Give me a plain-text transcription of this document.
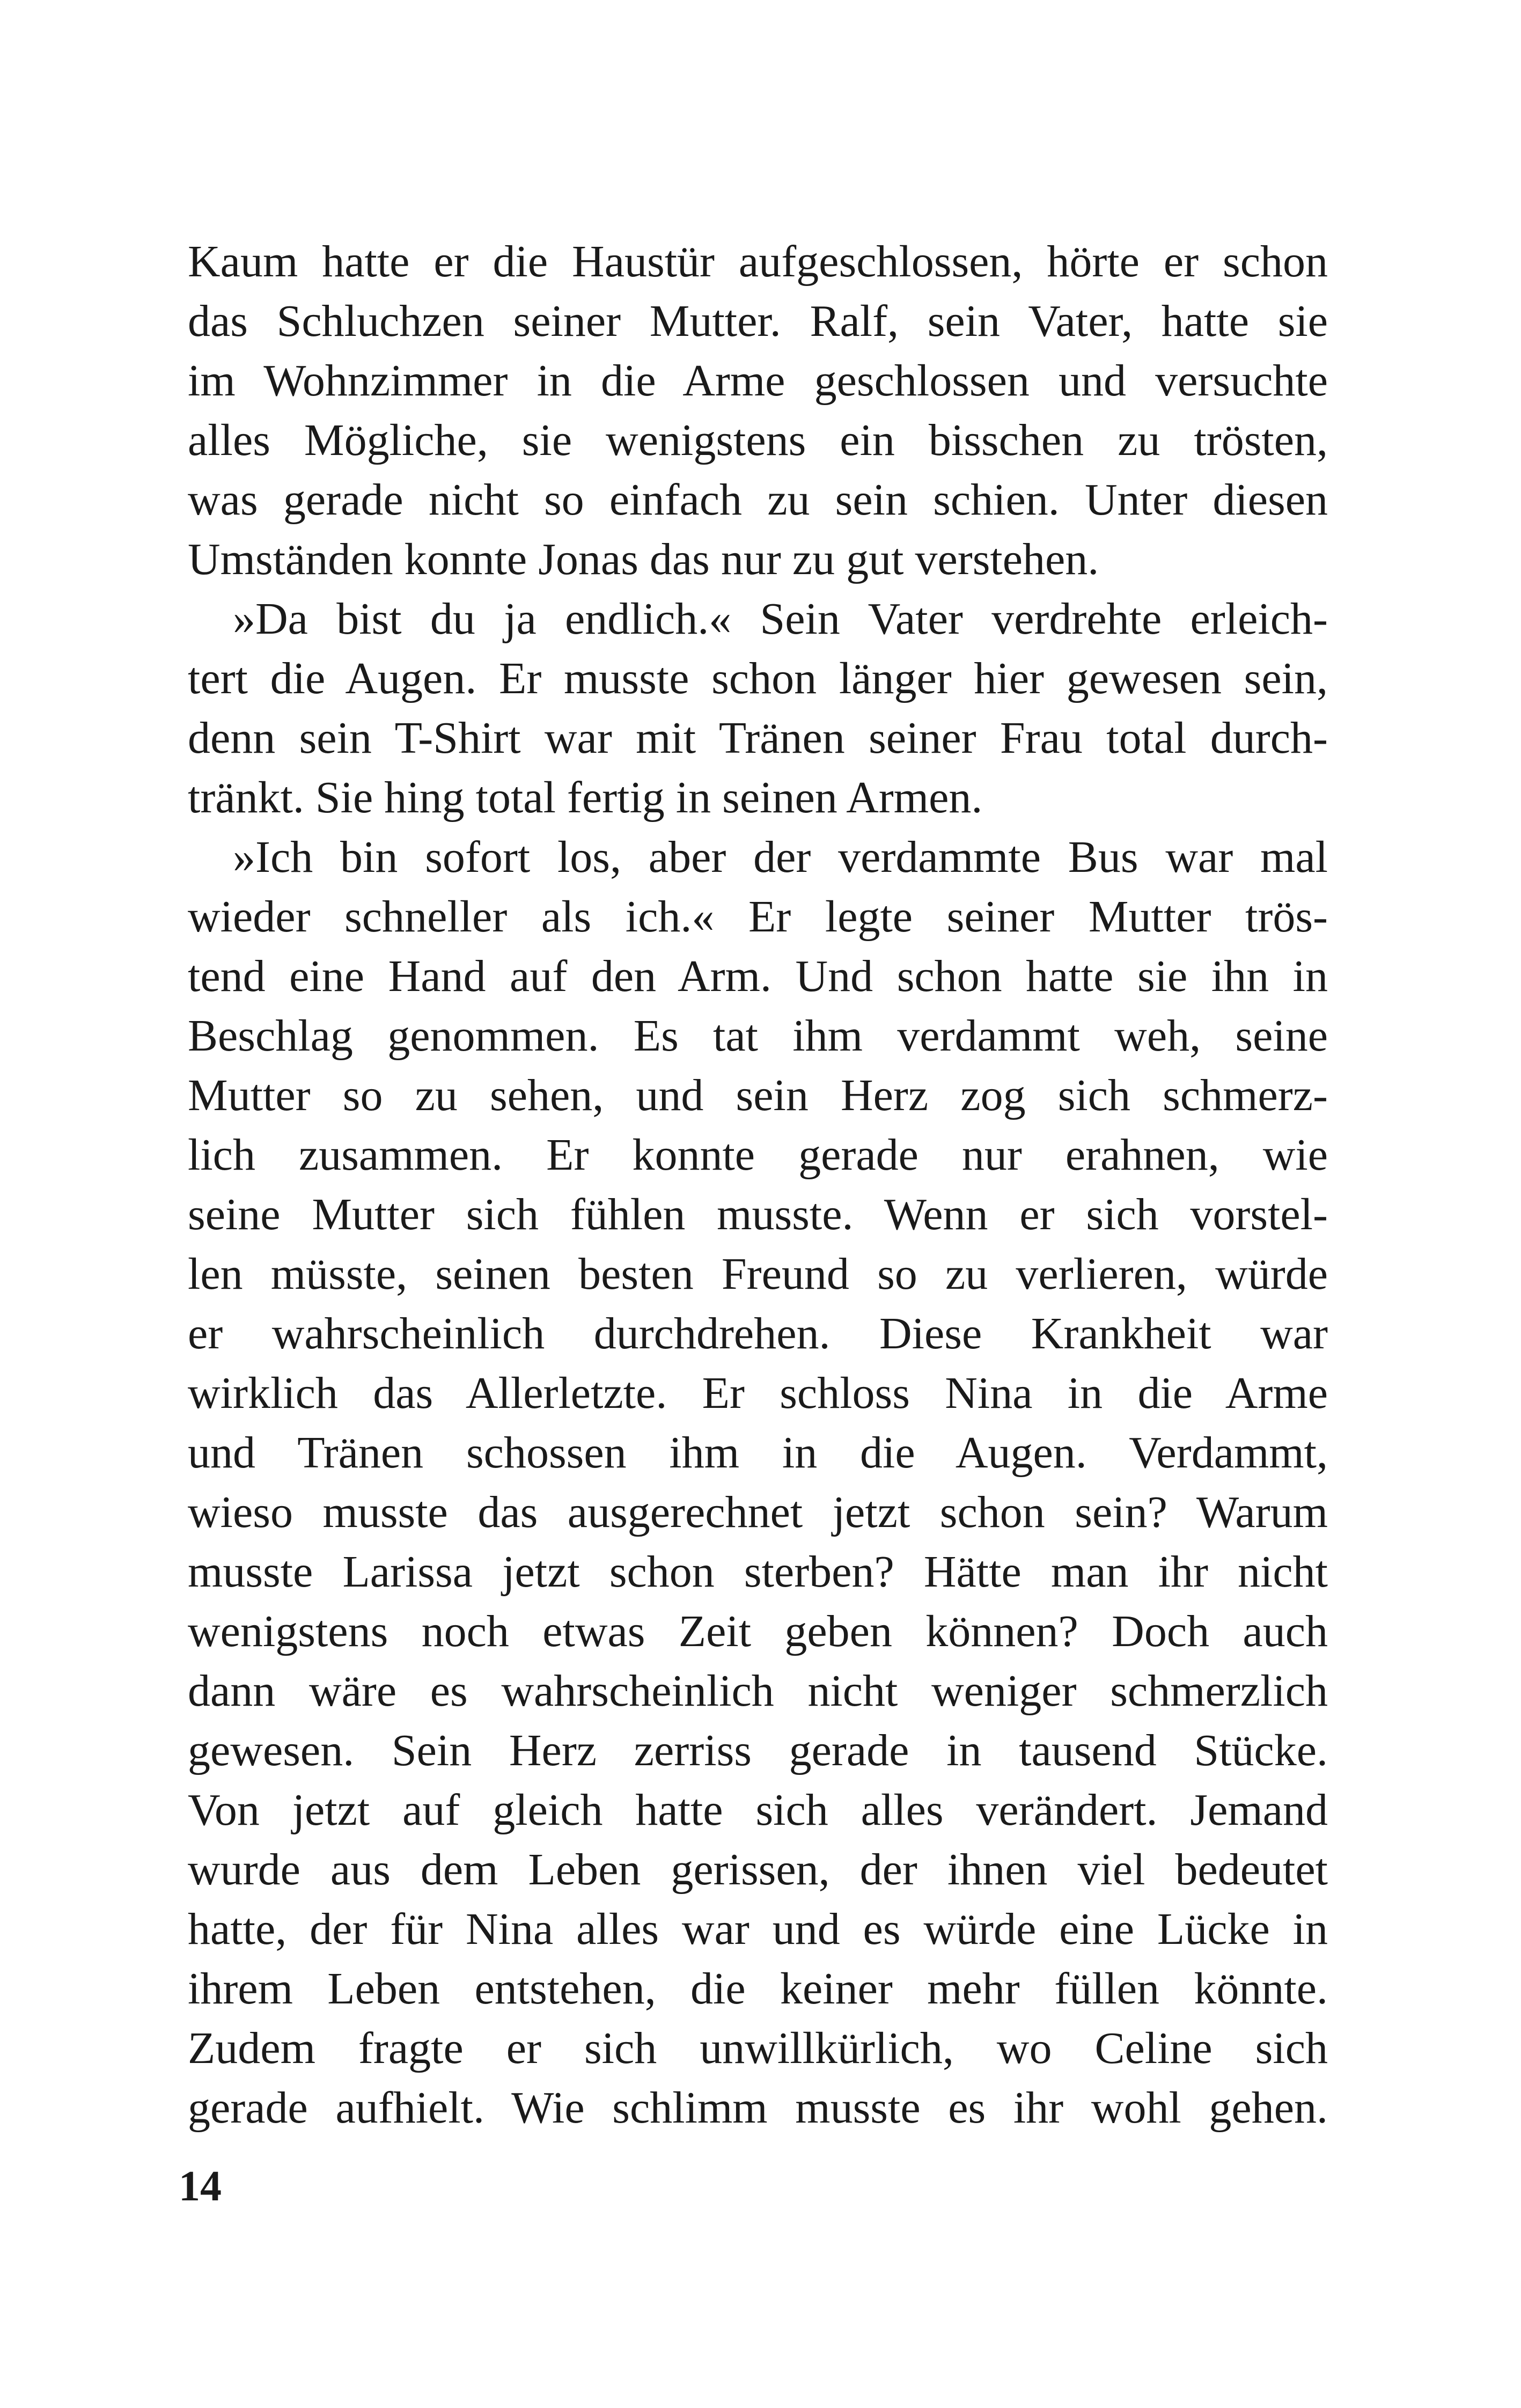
Kaum hatte er die Haustür aufgeschlossen, hörte er schon
das Schluchzen seiner Mutter. Ralf, sein Vater, hatte sie
im Wohnzimmer in die Arme geschlossen und versuchte
alles Mögliche, sie wenigstens ein bisschen zu trösten,
was gerade nicht so einfach zu sein schien. Unter diesen
Umständen konnte Jonas das nur zu gut verstehen.
»Da bist du ja endlich.« Sein Vater verdrehte erleich-
tert die Augen. Er musste schon länger hier gewesen sein,
denn sein T-Shirt war mit Tränen seiner Frau total durch-
tränkt. Sie hing total fertig in seinen Armen.
»Ich bin sofort los, aber der verdammte Bus war mal
wieder schneller als ich.« Er legte seiner Mutter trös-
tend eine Hand auf den Arm. Und schon hatte sie ihn in
Beschlag genommen. Es tat ihm verdammt weh, seine
Mutter so zu sehen, und sein Herz zog sich schmerz-
lich zusammen. Er konnte gerade nur erahnen, wie
seine Mutter sich fühlen musste. Wenn er sich vorstel-
len müsste, seinen besten Freund so zu verlieren, würde
er wahrscheinlich durchdrehen. Diese Krankheit war
wirklich das Allerletzte. Er schloss Nina in die Arme
und Tränen schossen ihm in die Augen. Verdammt,
wieso musste das ausgerechnet jetzt schon sein? Warum
musste Larissa jetzt schon sterben? Hätte man ihr nicht
wenigstens noch etwas Zeit geben können? Doch auch
dann wäre es wahrscheinlich nicht weniger schmerzlich
gewesen. Sein Herz zerriss gerade in tausend Stücke.
Von jetzt auf gleich hatte sich alles verändert. Jemand
wurde aus dem Leben gerissen, der ihnen viel bedeutet
hatte, der für Nina alles war und es würde eine Lücke in
ihrem Leben entstehen, die keiner mehr füllen könnte.
Zudem fragte er sich unwillkürlich, wo Celine sich
gerade aufhielt. Wie schlimm musste es ihr wohl gehen.
14
